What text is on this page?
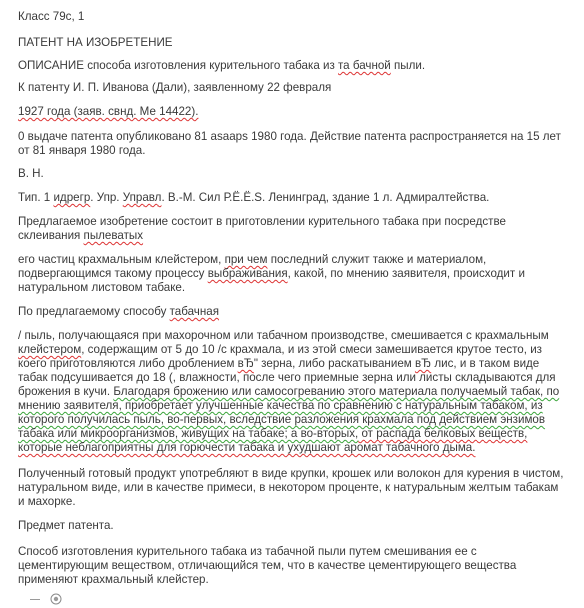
Класс 79с, 1

ПАТЕНТ НА ИЗОБРЕТЕНИЕ

ОПИСАНИЕ способа изготовления курительного табака из та бачной пыли.

К патенту И. П. Иванова (Дали), заявленному 22 февраля

1927 года (заяв. свнд. Ме 14422).

0 выдаче патента опубликовано 81 asaaps 1980 года. Действие патента распространяется на 15 лет от 81 января 1980 года.

В. Н.

Тип. 1 идрегр. Упр. Управл. В.-М. Сил Р.Ё.Ë.S. Ленинград, здание 1 л. Адмиралтейства.

Предлагаемое изобретение состоит в приготовлении курительного табака при посредстве склеивания пылеватых

его частиц крахмальным клейстером, при чем последний служит также и материалом, подвергающимся такому процессу выбраживания, какой, по мнению заявителя, происходит и натуральном листовом табаке.

По предлагаемому способу табачная

/ пыль, получающаяся при махорочном или табачном производстве, смешивается с крахмальным клейстером, содержащим от 5 до 10 /с крахмала, и из этой смеси замешивается крутое тесто, из коего приготовляются либо дроблением вЂ" зерна, либо раскатыванием вЂ лис, и в таком виде табак подсушивается до 18 (, влажности, после чего приемные зерна или листы складываются для брожения в кучи. Благодаря брожению или самосогреванию этого материала получаемый табак, по мнению заявителя, приобретает улучшенные качества по сравнению с натуральным табаком, из которого получилась пыль, во-первых, вследствие разложения крахмала под действием энзимов табака или микроорганизмов, живущих на табаке; а во-вторых, от распада белковых веществ, которые неблагоприятны для горючести табака и ухудшают аромат табачного дыма.

Полученный готовый продукт употребляют в виде крупки, крошек или волокон для курения в чистом, натуральном виде, или в качестве примеси, в некотором проценте, к натуральным желтым табакам и махорке.

Предмет патента.

Способ изготовления курительного табака из табачной пыли путем смешивания ее с цементирующим веществом, отличающийся тем, что в качестве цементирующего вещества применяют крахмальный клейстер.
